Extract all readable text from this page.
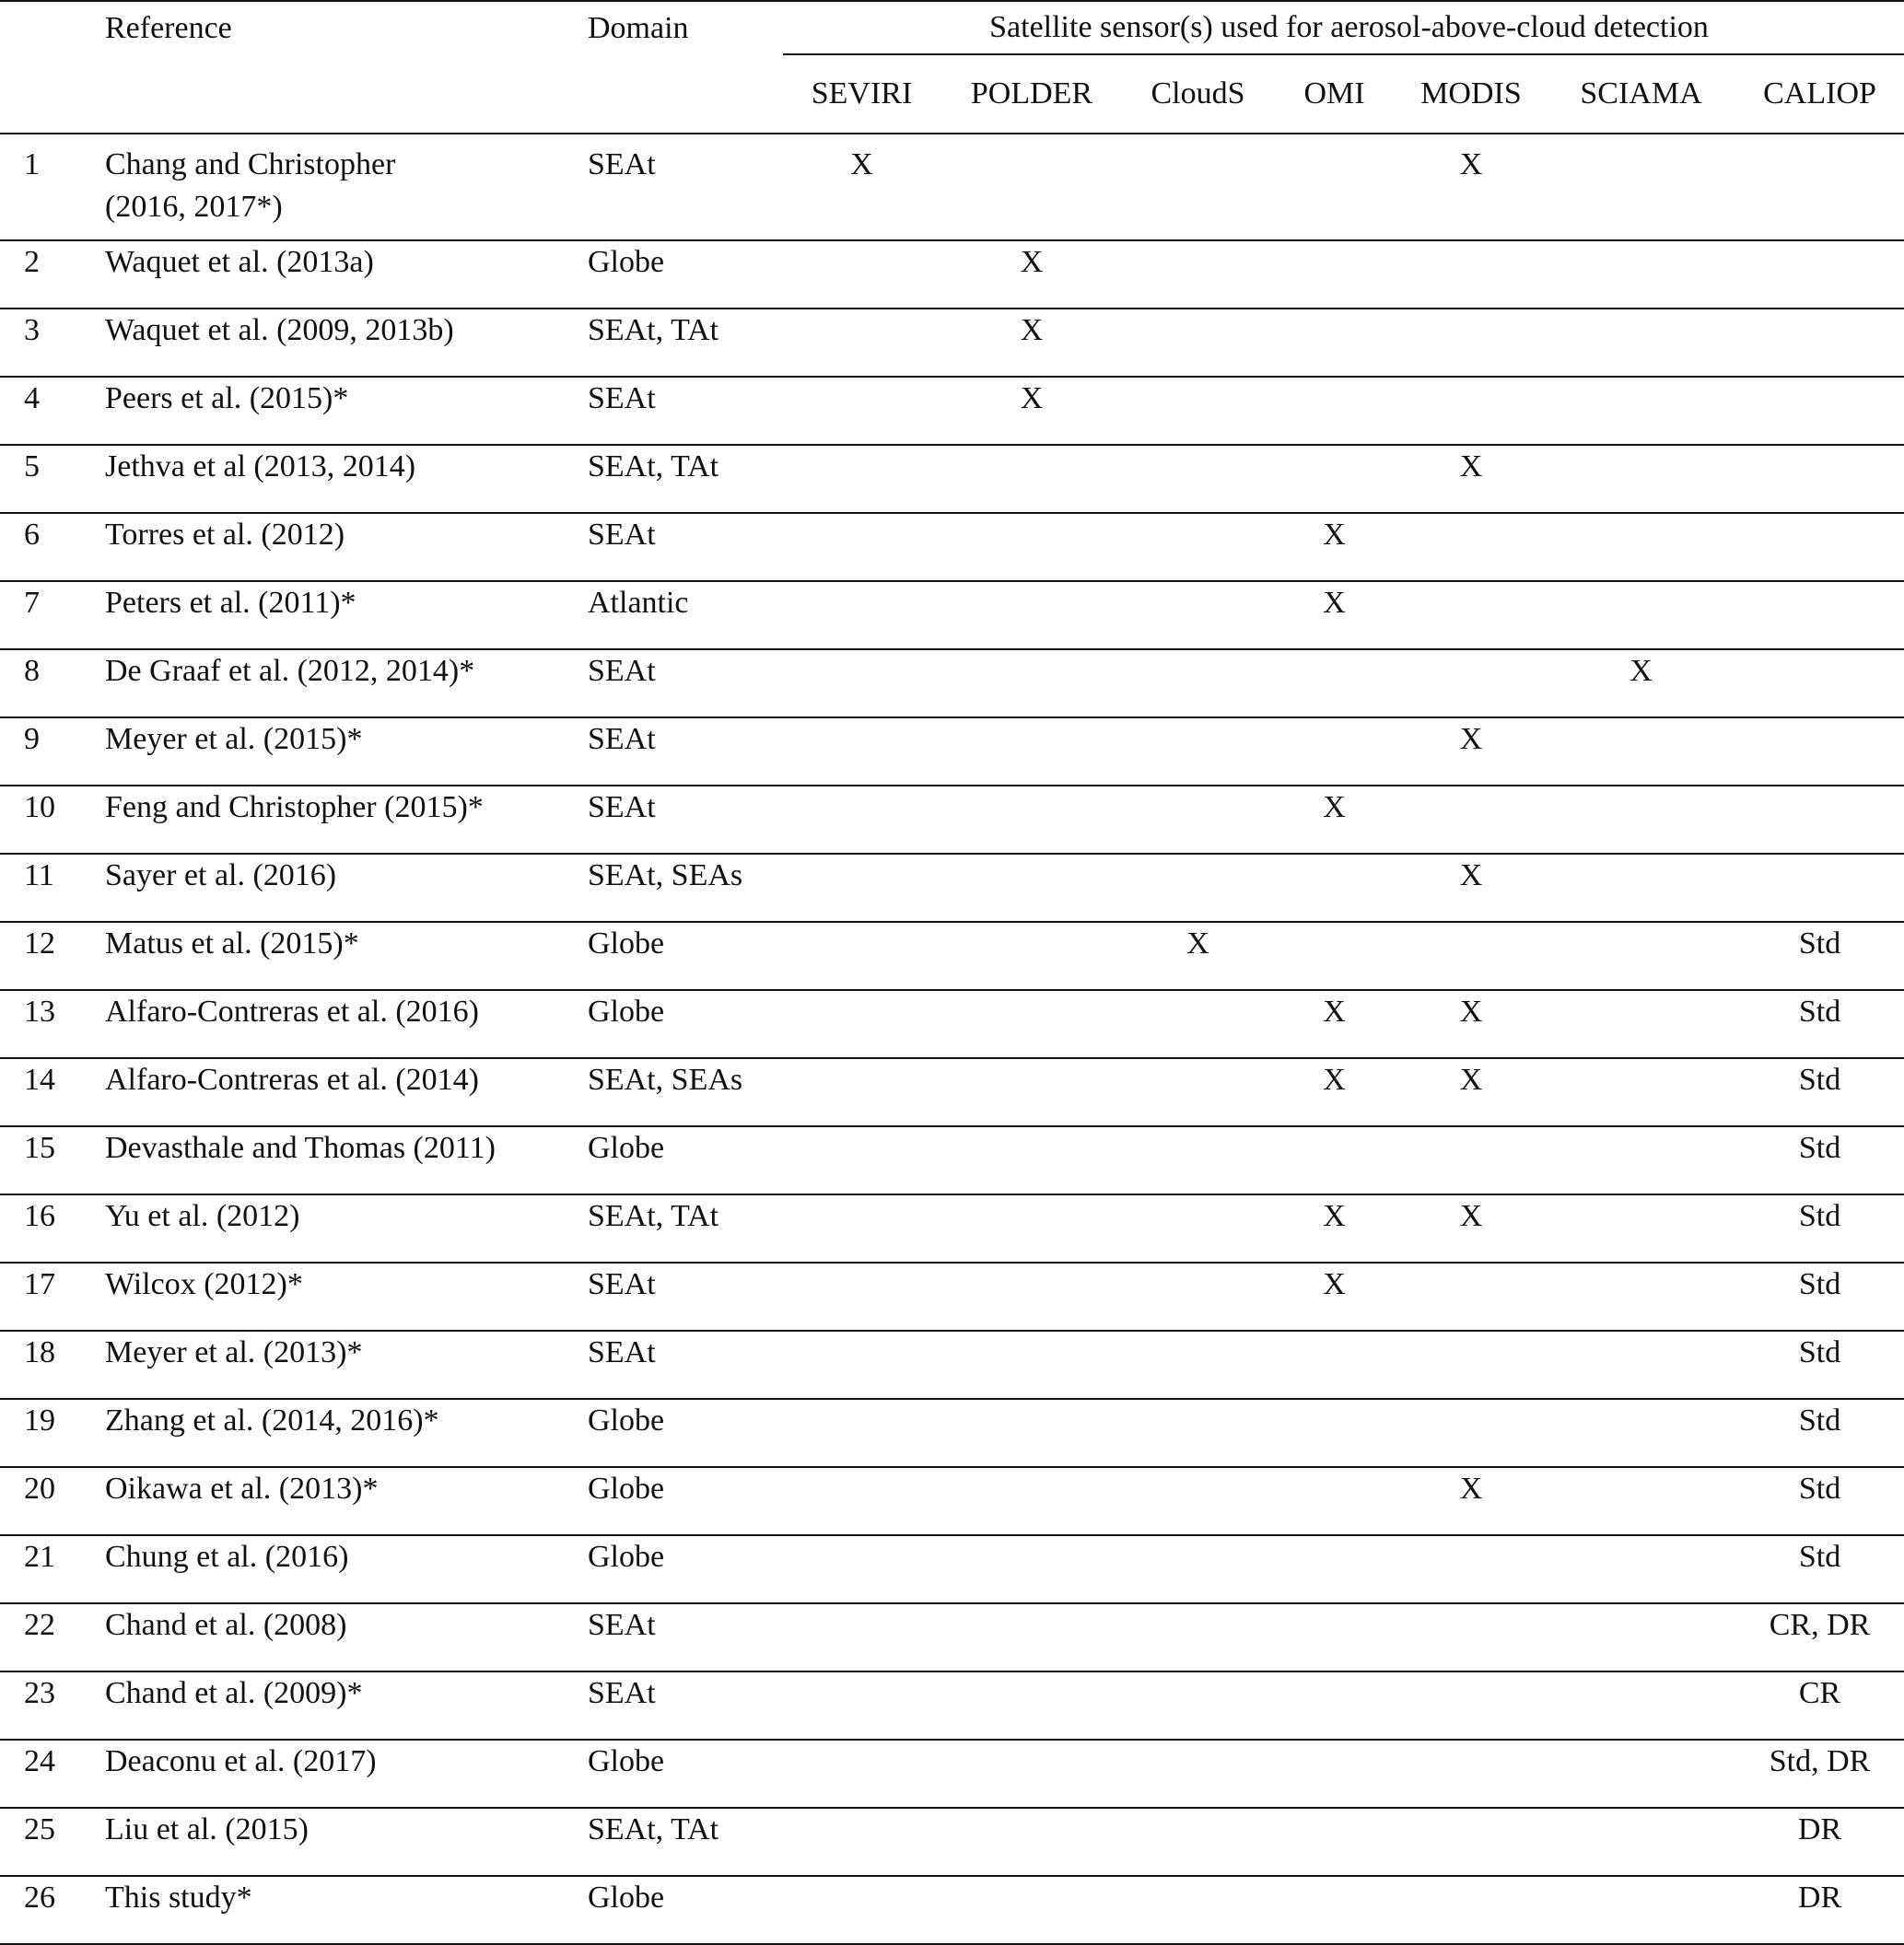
	Reference	Domain	Satellite sensor(s) used for aerosol-above-cloud detection						

			SEVIRI	POLDER	CloudS	OMI	MODIS	SCIAMA	CALIOP
1	Chang and Christopher (2016, 2017*)	SEAt	X				X		
2	Waquet et al. (2013a)	Globe		X					
3	Waquet et al. (2009, 2013b)	SEAt, TAt		X					
4	Peers et al. (2015)*	SEAt		X					
5	Jethva et al (2013, 2014)	SEAt, TAt					X		
6	Torres et al. (2012)	SEAt				X			
7	Peters et al. (2011)*	Atlantic				X			
8	De Graaf et al. (2012, 2014)*	SEAt						X	
9	Meyer et al. (2015)*	SEAt					X		
10	Feng and Christopher (2015)*	SEAt				X			
11	Sayer et al. (2016)	SEAt, SEAs					X		
12	Matus et al. (2015)*	Globe			X				Std
13	Alfaro-Contreras et al. (2016)	Globe				X	X		Std
14	Alfaro-Contreras et al. (2014)	SEAt, SEAs				X	X		Std
15	Devasthale and Thomas (2011)	Globe							Std
16	Yu et al. (2012)	SEAt, TAt				X	X		Std
17	Wilcox (2012)*	SEAt				X			Std
18	Meyer et al. (2013)*	SEAt							Std
19	Zhang et al. (2014, 2016)*	Globe							Std
20	Oikawa et al. (2013)*	Globe					X		Std
21	Chung et al. (2016)	Globe							Std
22	Chand et al. (2008)	SEAt							CR, DR
23	Chand et al. (2009)*	SEAt							CR
24	Deaconu et al. (2017)	Globe							Std, DR
25	Liu et al. (2015)	SEAt, TAt							DR
26	This study*	Globe							DR
